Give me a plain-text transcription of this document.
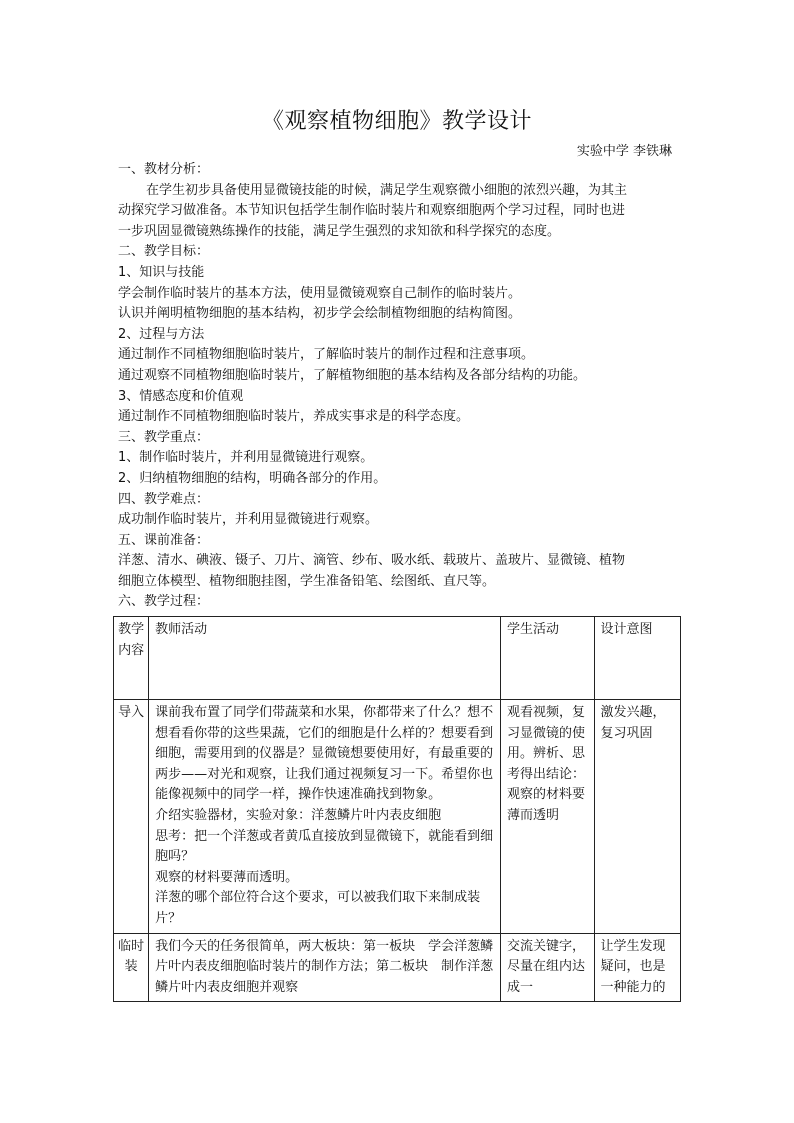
《观察植物细胞》教学设计
实验中学 李铁琳
一、教材分析：
在学生初步具备使用显微镜技能的时候，满足学生观察微小细胞的浓烈兴趣，为其主
动探究学习做准备。本节知识包括学生制作临时装片和观察细胞两个学习过程，同时也进
一步巩固显微镜熟练操作的技能，满足学生强烈的求知欲和科学探究的态度。
二、教学目标：
1、知识与技能
学会制作临时装片的基本方法，使用显微镜观察自己制作的临时装片。
认识并阐明植物细胞的基本结构，初步学会绘制植物细胞的结构简图。
2、过程与方法
通过制作不同植物细胞临时装片，了解临时装片的制作过程和注意事项。
通过观察不同植物细胞临时装片，了解植物细胞的基本结构及各部分结构的功能。
3、情感态度和价值观
通过制作不同植物细胞临时装片，养成实事求是的科学态度。
三、教学重点：
1、制作临时装片，并利用显微镜进行观察。
2、归纳植物细胞的结构，明确各部分的作用。
四、教学难点：
成功制作临时装片，并利用显微镜进行观察。
五、课前准备：
洋葱、清水、碘液、镊子、刀片、滴管、纱布、吸水纸、载玻片、盖玻片、显微镜、植物
细胞立体模型、植物细胞挂图，学生准备铅笔、绘图纸、直尺等。
六、教学过程：
教学内容	教师活动	学生活动	设计意图
导入	课前我布置了同学们带蔬菜和水果，你都带来了什么？想不想看看你带的这些果蔬，它们的细胞是什么样的？想要看到细胞，需要用到的仪器是？显微镜想要使用好，有最重要的两步——对光和观察，让我们通过视频复习一下。希望你也能像视频中的同学一样，操作快速准确找到物象。
介绍实验器材，实验对象：洋葱鳞片叶内表皮细胞
思考：把一个洋葱或者黄瓜直接放到显微镜下，就能看到细胞吗？
观察的材料要薄而透明。
洋葱的哪个部位符合这个要求，可以被我们取下来制成装片？	观看视频，复习显微镜的使用。辨析、思考得出结论：观察的材料要薄而透明	激发兴趣，复习巩固
临时装	我们今天的任务很简单，两大板块：第一板块　学会洋葱鳞片叶内表皮细胞临时装片的制作方法；第二板块　制作洋葱鳞片叶内表皮细胞并观察	交流关键字，尽量在组内达成一	让学生发现疑问，也是一种能力的
